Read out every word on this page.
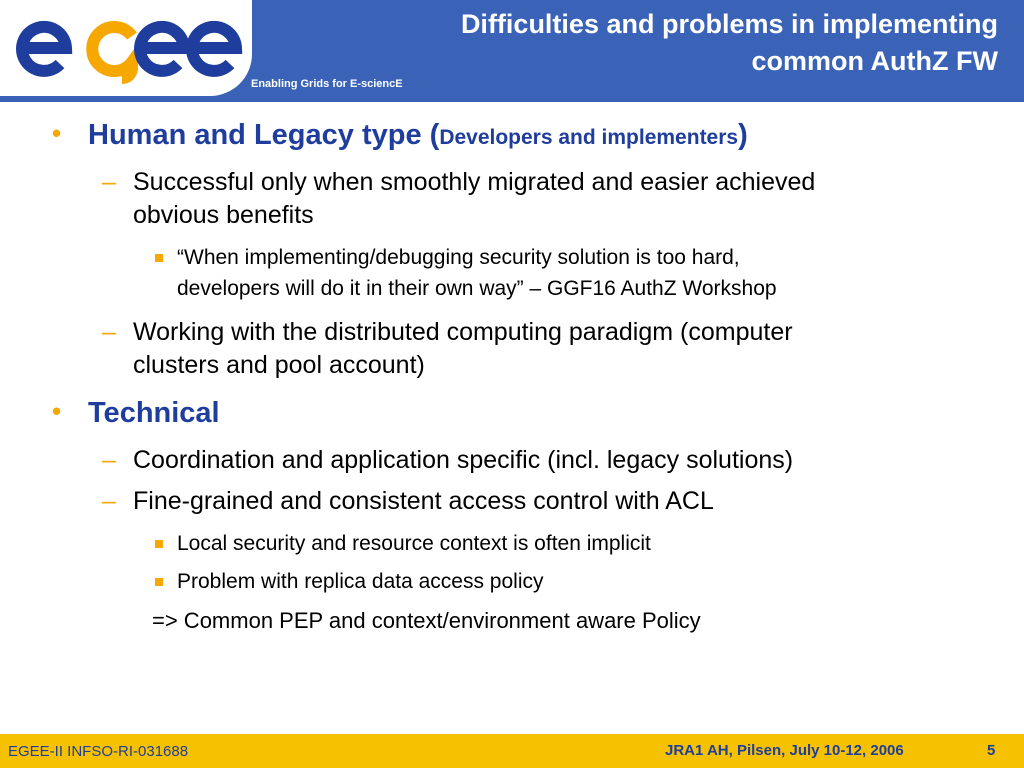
Enabling Grids for E-sciencE
Difficulties and problems in implementing
common AuthZ FW
• Human and Legacy type (Developers and implementers)
– Successful only when smoothly migrated and easier achieved
obvious benefits
“When implementing/debugging security solution is too hard,
developers will do it in their own way” – GGF16 AuthZ Workshop
– Working with the distributed computing paradigm (computer
clusters and pool account)
• Technical
– Coordination and application specific (incl. legacy solutions)
– Fine-grained and consistent access control with ACL
Local security and resource context is often implicit
Problem with replica data access policy
=> Common PEP and context/environment aware Policy
EGEE-II INFSO-RI-031688	JRA1 AH, Pilsen, July 10-12, 2006	5
